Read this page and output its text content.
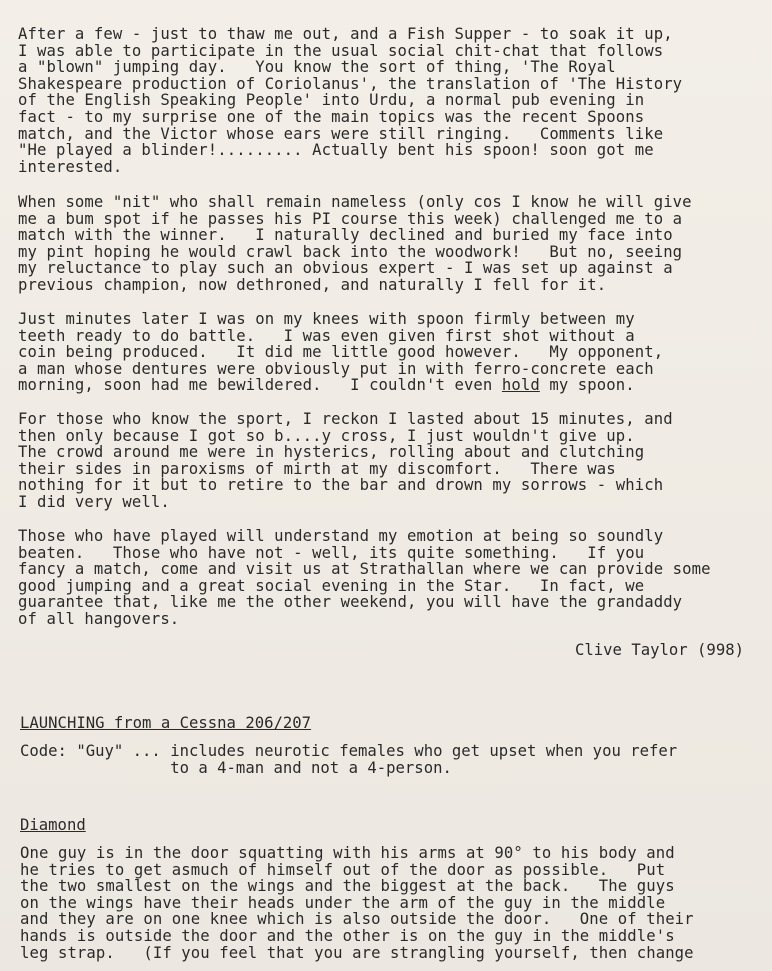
After a few - just to thaw me out, and a Fish Supper - to soak it up,
I was able to participate in the usual social chit-chat that follows
a "blown" jumping day.   You know the sort of thing, 'The Royal
Shakespeare production of Coriolanus', the translation of 'The History
of the English Speaking People' into Urdu, a normal pub evening in
fact - to my surprise one of the main topics was the recent Spoons
match, and the Victor whose ears were still ringing.   Comments like
"He played a blinder!......... Actually bent his spoon! soon got me
interested.
When some "nit" who shall remain nameless (only cos I know he will give
me a bum spot if he passes his PI course this week) challenged me to a
match with the winner.   I naturally declined and buried my face into
my pint hoping he would crawl back into the woodwork!   But no, seeing
my reluctance to play such an obvious expert - I was set up against a
previous champion, now dethroned, and naturally I fell for it.
Just minutes later I was on my knees with spoon firmly between my
teeth ready to do battle.   I was even given first shot without a
coin being produced.   It did me little good however.   My opponent,
a man whose dentures were obviously put in with ferro-concrete each
morning, soon had me bewildered.   I couldn't even hold my spoon.
For those who know the sport, I reckon I lasted about 15 minutes, and
then only because I got so b....y cross, I just wouldn't give up.
The crowd around me were in hysterics, rolling about and clutching
their sides in paroxisms of mirth at my discomfort.   There was
nothing for it but to retire to the bar and drown my sorrows - which
I did very well.
Those who have played will understand my emotion at being so soundly
beaten.   Those who have not - well, its quite something.   If you
fancy a match, come and visit us at Strathallan where we can provide some
good jumping and a great social evening in the Star.   In fact, we
guarantee that, like me the other weekend, you will have the grandaddy
of all hangovers.
Clive Taylor (998)
LAUNCHING from a Cessna 206/207
Code: "Guy" ... includes neurotic females who get upset when you refer
to a 4-man and not a 4-person.
Diamond
One guy is in the door squatting with his arms at 90° to his body and
he tries to get asmuch of himself out of the door as possible.   Put
the two smallest on the wings and the biggest at the back.   The guys
on the wings have their heads under the arm of the guy in the middle
and they are on one knee which is also outside the door.   One of their
hands is outside the door and the other is on the guy in the middle's
leg strap.   (If you feel that you are strangling yourself, then change
